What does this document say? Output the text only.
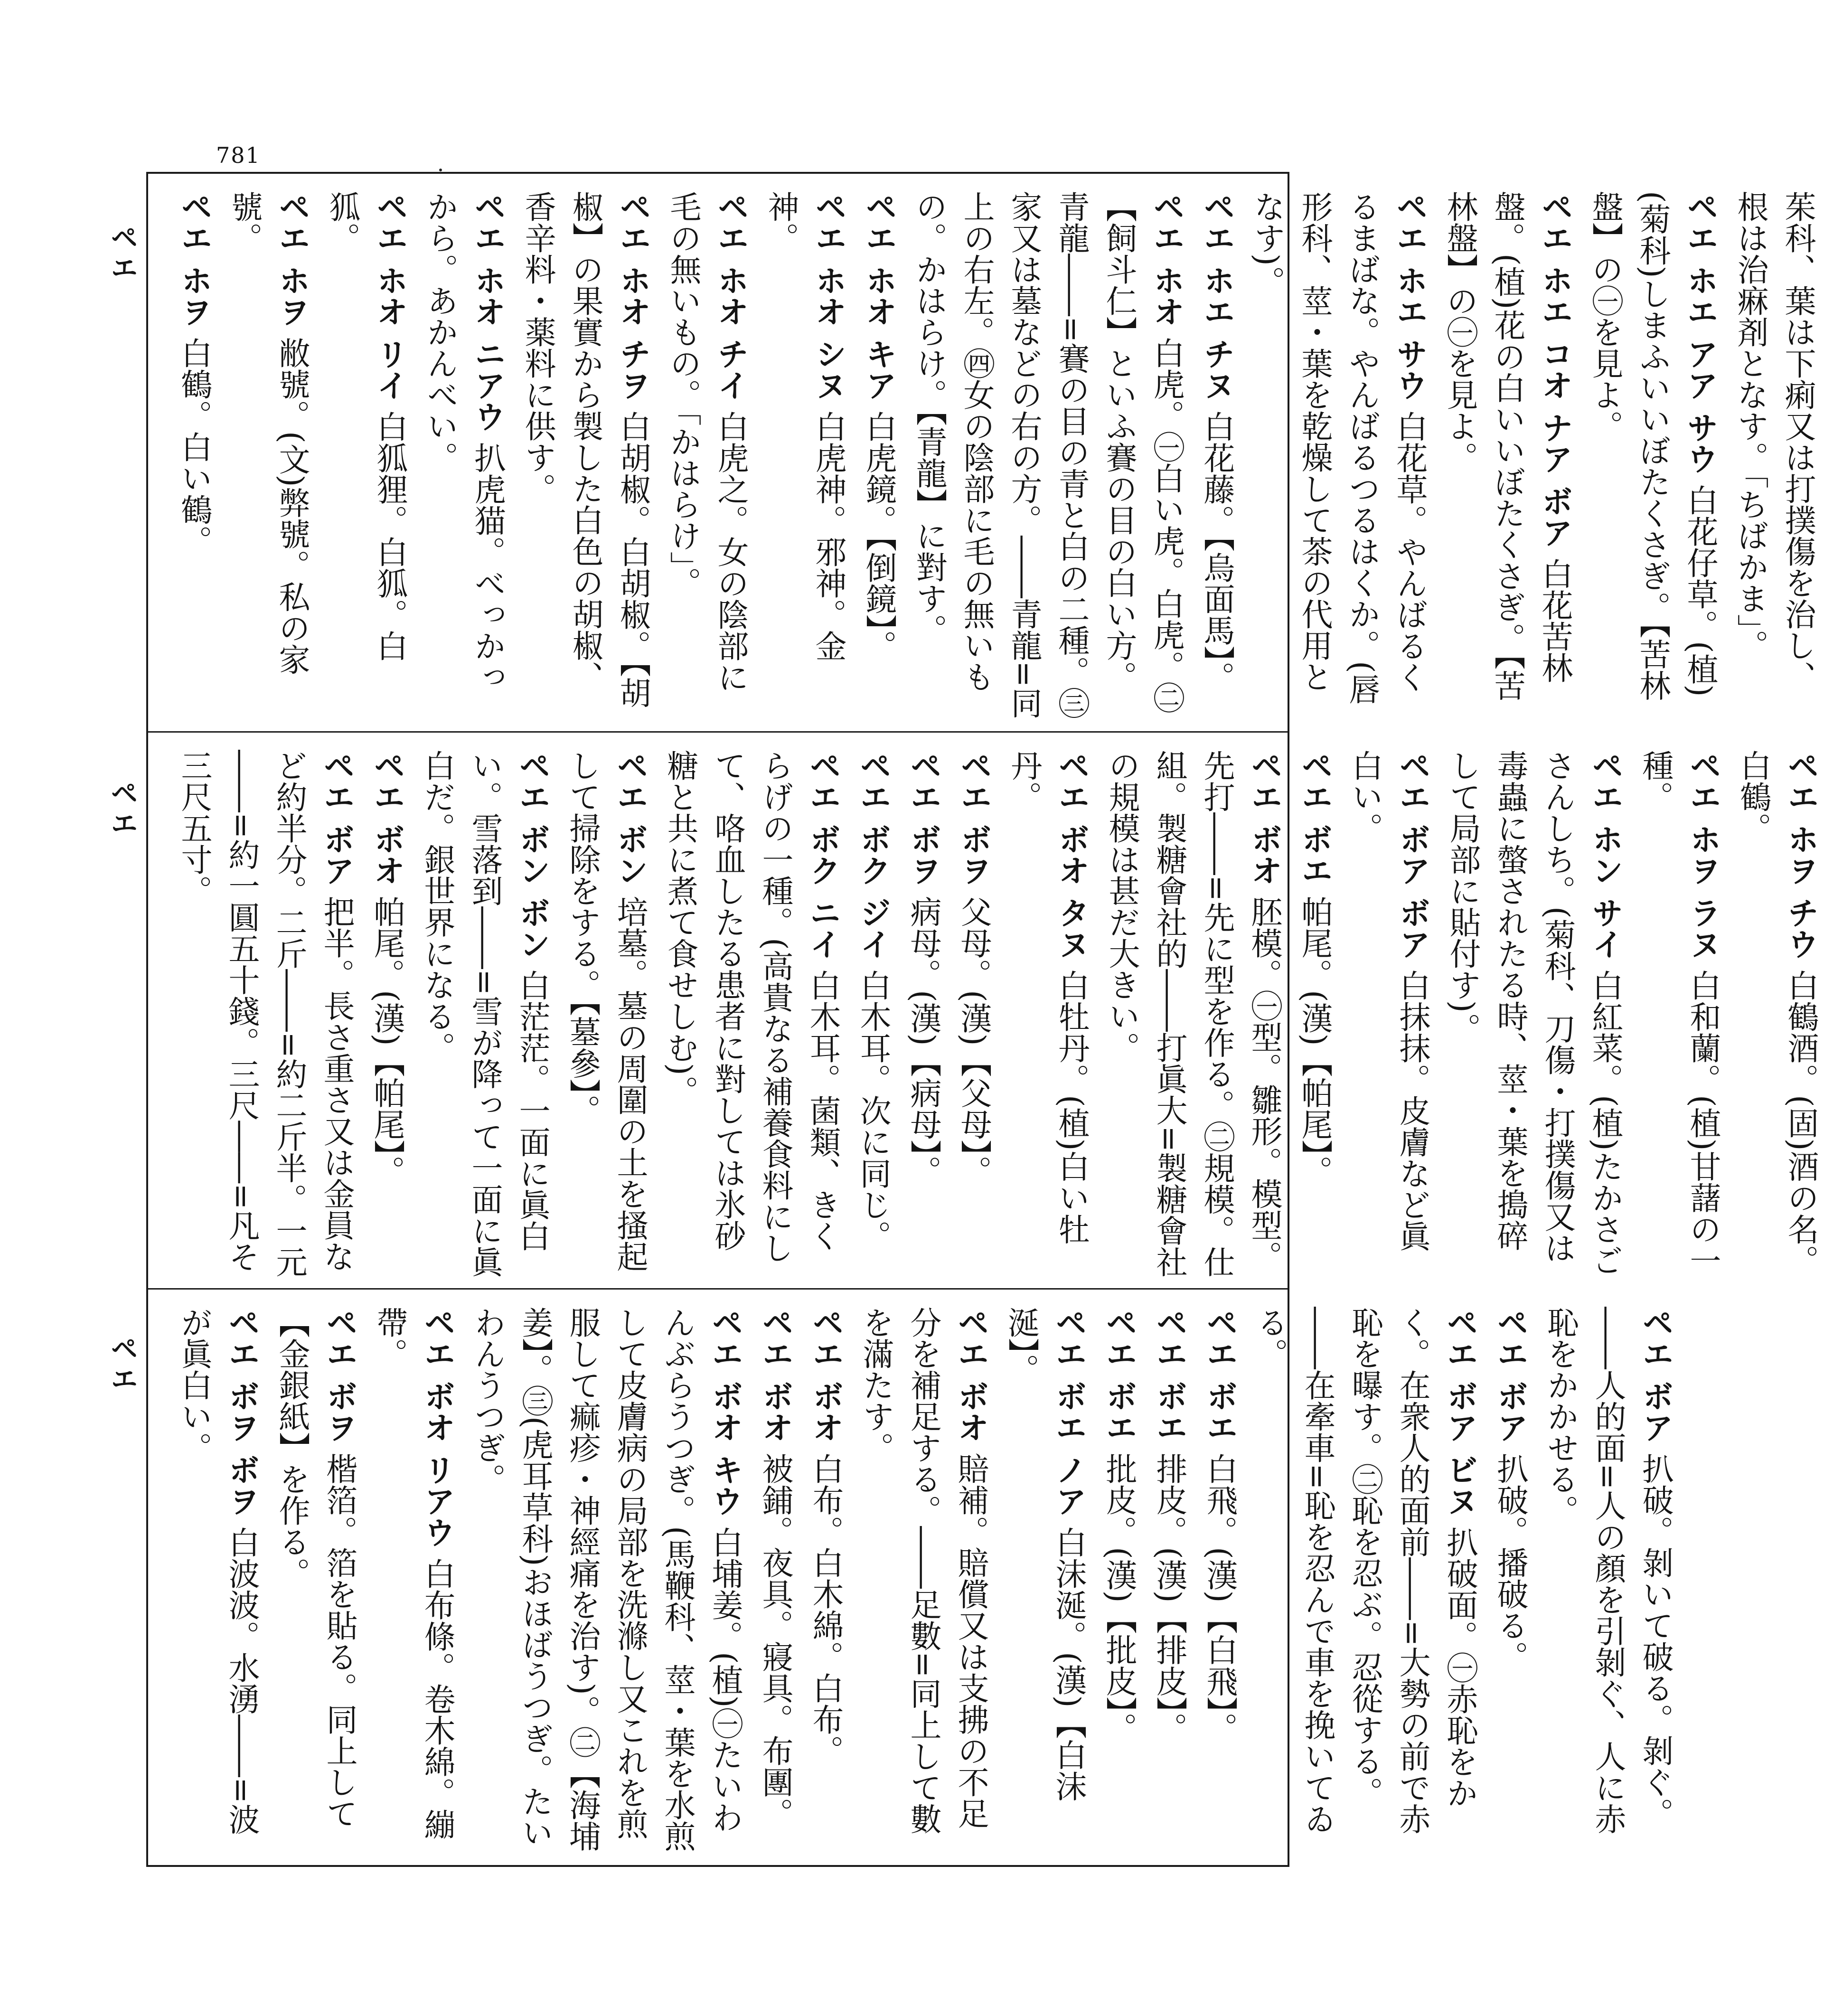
781
ペエ
ペエ
ペエ

茱科、葉は下痢又は打撲傷を治し、根は治痳剤となす。「ちばかま」。

ペエ ホエ アア サウ 白花仔草。(植)(菊科)しまふいいぼたくさぎ。【苦林盤】の㊀を見よ。

ペエ ホエ コオ ナア ボア 白花苦林盤。(植)花の白いいぼたくさぎ。【苦林盤】の㊀を見よ。

ペエ ホエ サウ 白花草。やんばるくるまばな。やんばるつるはくか。(唇形科、莖・葉を乾燥して茶の代用となす)。

ペエ ホエ チヌ 白花藤。【烏面馬】。

ペエ ホオ 白虎。㊀白い虎。白虎。㊁【飼斗仁】といふ賽の目の白い方。青龍――=賽の目の青と白の二種。㊂家又は墓などの右の方。――青龍=同上の右左。㊃女の陰部に毛の無いもの。かはらけ。【青龍】に對す。

ペエ ホオ キア 白虎鏡。【倒鏡】。

ペエ ホオ シヌ 白虎神。邪神。金神。

ペエ ホオ チイ 白虎之。女の陰部に毛の無いもの。「かはらけ」。

ペエ ホオ チヲ 白胡椒。白胡椒。【胡椒】の果實から製した白色の胡椒、香辛料・薬料に供す。

ペエ ホオ ニアウ 扒虎猫。べっかっから。あかんべい。

ペエ ホオ リイ 白狐狸。白狐。白狐。

ペエ ホヲ 敝號。(文)弊號。私の家號。

ペエ ホヲ 白鶴。白い鶴。

ペエ ホヲ チウ 白鶴酒。(固)酒の名。白鶴。

ペエ ホヲ ラヌ 白和蘭。(植)甘藷の一種。

ペエ ホン サイ 白紅菜。(植)たかさごさんしち。(菊科、刀傷・打撲傷又は毒蟲に螫されたる時、莖・葉を搗碎して局部に貼付す)。

ペエ ボア ボア 白抹抹。皮膚など眞白い。

ペエ ボエ 帕尾。(漢)【帕尾】。

ペエ ボオ 胚模。㊀型。雛形。模型。先打――=先に型を作る。㊁規模。仕組。製糖會社的――打眞大=製糖會社の規模は甚だ大きい。

ペエ ボオ タヌ 白牡丹。(植)白い牡丹。

ペエ ボヲ 父母。(漢)【父母】。

ペエ ボヲ 病母。(漢)【病母】。

ペエ ボク ジイ 白木耳。次に同じ。

ペエ ボク ニイ 白木耳。菌類、きくらげの一種。(高貴なる補養食料にして、咯血したる患者に對しては氷砂糖と共に煮て食せしむ)。

ペエ ボン 培墓。墓の周圍の土を搔起して掃除をする。【墓參】。

ペエ ボン ボン 白茫茫。一面に眞白い。雪落到――=雪が降って一面に眞白だ。銀世界になる。

ペエ ボオ 帕尾。(漢)【帕尾】。

ペエ ボア 把半。長さ重さ又は金員など約半分。二斤――=約二斤半。一元――=約一圓五十錢。三尺――=凡そ三尺五寸。

ペエ ボア 扒破。剝いて破る。剝ぐ。――人的面=人の顏を引剝ぐ、人に赤恥をかかせる。

ペエ ボア 扒破。播破る。

ペエ ボア ビヌ 扒破面。㊀赤恥をかく。在衆人的面前――=大勢の前で赤恥を曝す。㊁恥を忍ぶ。忍從する。――在牽車=恥を忍んで車を挽いてゐる。

ペエ ボエ 白飛。(漢)【白飛】。

ペエ ボエ 排皮。(漢)【排皮】。

ペエ ボエ 批皮。(漢)【批皮】。

ペエ ボエ ノア 白沫涎。(漢)【白沫涎】。

ペエ ボオ 賠補。賠償又は支拂の不足分を補足する。――足數=同上して數を滿たす。

ペエ ボオ 白布。白木綿。白布。

ペエ ボオ 被鋪。夜具。寢具。布團。

ペエ ボオ キウ 白埔姜。(植)㊀たいわんぶらうつぎ。(馬鞭科、莖・葉を水煎して皮膚病の局部を洗滌し又これを煎服して痲疹・神經痛を治す)。㊁【海埔姜】。㊂(虎耳草科)おほばうつぎ。たいわんうつぎ。

ペエ ボオ リアウ 白布條。卷木綿。繃帶。

ペエ ボヲ 楷箔。箔を貼る。同上して【金銀紙】を作る。

ペエ ボヲ ボヲ 白波波。水湧――=波が眞白い。
